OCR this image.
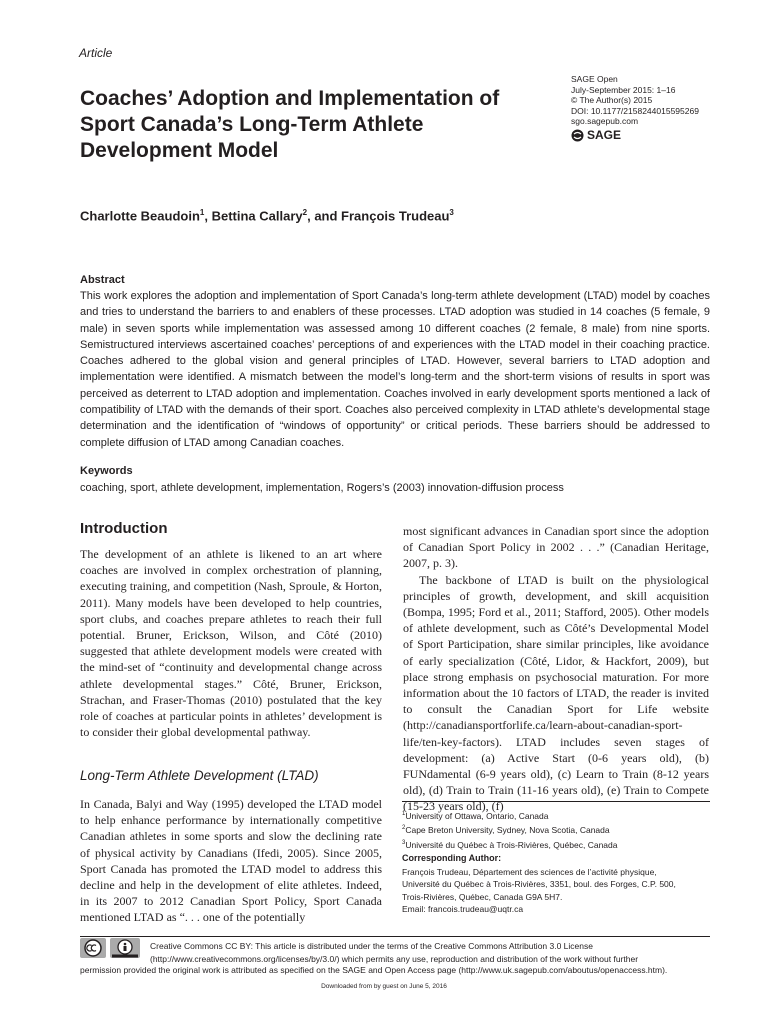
Article
Coaches’ Adoption and Implementation of Sport Canada’s Long-Term Athlete Development Model
SAGE Open
July-September 2015: 1–16
© The Author(s) 2015
DOI: 10.1177/2158244015595269
sgo.sagepub.com
SAGE
Charlotte Beaudoin$^1$, Bettina Callary$^2$, and François Trudeau$^3$
Abstract
This work explores the adoption and implementation of Sport Canada’s long-term athlete development (LTAD) model by coaches and tries to understand the barriers to and enablers of these processes. LTAD adoption was studied in 14 coaches (5 female, 9 male) in seven sports while implementation was assessed among 10 different coaches (2 female, 8 male) from nine sports. Semistructured interviews ascertained coaches’ perceptions of and experiences with the LTAD model in their coaching practice. Coaches adhered to the global vision and general principles of LTAD. However, several barriers to LTAD adoption and implementation were identified. A mismatch between the model’s long-term and the short-term visions of results in sport was perceived as deterrent to LTAD adoption and implementation. Coaches involved in early development sports mentioned a lack of compatibility of LTAD with the demands of their sport. Coaches also perceived complexity in LTAD athlete’s developmental stage determination and the identification of “windows of opportunity” or critical periods. These barriers should be addressed to complete diffusion of LTAD among Canadian coaches.
Keywords
coaching, sport, athlete development, implementation, Rogers’s (2003) innovation-diffusion process
Introduction

The development of an athlete is likened to an art where coaches are involved in complex orchestration of planning, executing training, and competition (Nash, Sproule, & Horton, 2011). Many models have been developed to help countries, sport clubs, and coaches prepare athletes to reach their full potential. Bruner, Erickson, Wilson, and Côté (2010) suggested that athlete development models were created with the mind-set of “continuity and developmental change across athlete developmental stages.” Côté, Bruner, Erickson, Strachan, and Fraser-Thomas (2010) postulated that the key role of coaches at particular points in athletes’ development is to consider their global developmental pathway.

Long-Term Athlete Development (LTAD)

In Canada, Balyi and Way (1995) developed the LTAD model to help enhance performance by internationally competitive Canadian athletes in some sports and slow the declining rate of physical activity by Canadians (Ifedi, 2005). Since 2005, Sport Canada has promoted the LTAD model to address this decline and help in the development of elite athletes. Indeed, in its 2007 to 2012 Canadian Sport Policy, Sport Canada mentioned LTAD as “. . . one of the potentially

most significant advances in Canadian sport since the adoption of Canadian Sport Policy in 2002 . . .” (Canadian Heritage, 2007, p. 3).

The backbone of LTAD is built on the physiological principles of growth, development, and skill acquisition (Bompa, 1995; Ford et al., 2011; Stafford, 2005). Other models of athlete development, such as Côté’s Developmental Model of Sport Participation, share similar principles, like avoidance of early specialization (Côté, Lidor, & Hackfort, 2009), but place strong emphasis on psychosocial maturation. For more information about the 10 factors of LTAD, the reader is invited to consult the Canadian Sport for Life website (http://canadiansportforlife.ca/learn-about-canadian-sport-life/ten-key-factors). LTAD includes seven stages of development: (a) Active Start (0-6 years old), (b) FUNdamental (6-9 years old), (c) Learn to Train (8-12 years old), (d) Train to Train (11-16 years old), (e) Train to Compete (15-23 years old), (f)

$^1$University of Ottawa, Ontario, Canada
$^2$Cape Breton University, Sydney, Nova Scotia, Canada
$^3$Université du Québec à Trois-Rivières, Québec, Canada
Corresponding Author:
François Trudeau, Département des sciences de l’activité physique,
Université du Québec à Trois-Rivières, 3351, boul. des Forges, C.P. 500,
Trois-Rivières, Québec, Canada G9A 5H7.
Email: francois.trudeau@uqtr.ca
Creative Commons CC BY: This article is distributed under the terms of the Creative Commons Attribution 3.0 License
(http://www.creativecommons.org/licenses/by/3.0/) which permits any use, reproduction and distribution of the work without further
permission provided the original work is attributed as specified on the SAGE and Open Access page (http://www.uk.sagepub.com/aboutus/openaccess.htm).
Downloaded from by guest on June 5, 2016
